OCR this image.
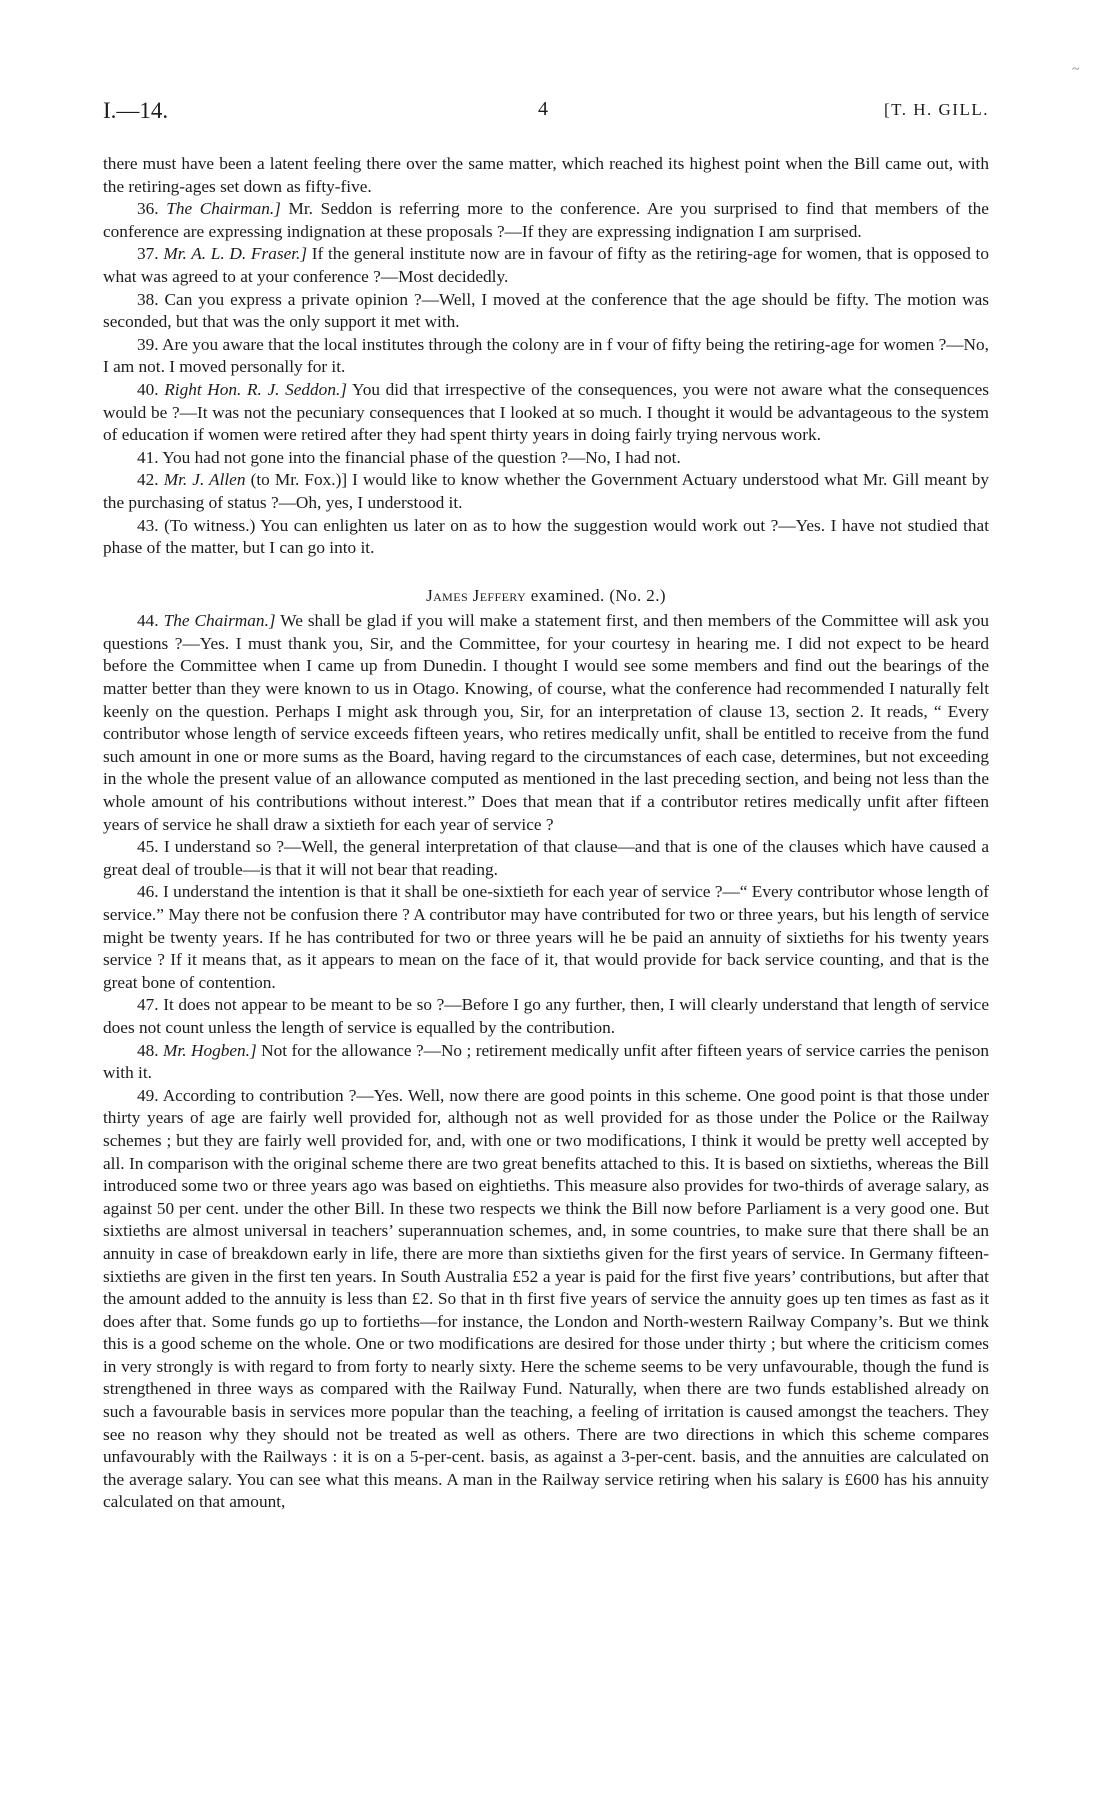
~
I.—14.	4	[T. H. GILL.

there must have been a latent feeling there over the same matter, which reached its highest point when the Bill came out, with the retiring-ages set down as fifty-five.

36. The Chairman.] Mr. Seddon is referring more to the conference. Are you surprised to find that members of the conference are expressing indignation at these proposals ?—If they are expressing indignation I am surprised.

37. Mr. A. L. D. Fraser.] If the general institute now are in favour of fifty as the retiring-age for women, that is opposed to what was agreed to at your conference ?—Most decidedly.

38. Can you express a private opinion ?—Well, I moved at the conference that the age should be fifty. The motion was seconded, but that was the only support it met with.

39. Are you aware that the local institutes through the colony are in f vour of fifty being the retiring-age for women ?—No, I am not. I moved personally for it.

40. Right Hon. R. J. Seddon.] You did that irrespective of the consequences, you were not aware what the consequences would be ?—It was not the pecuniary consequences that I looked at so much. I thought it would be advantageous to the system of education if women were retired after they had spent thirty years in doing fairly trying nervous work.

41. You had not gone into the financial phase of the question ?—No, I had not.

42. Mr. J. Allen (to Mr. Fox.)] I would like to know whether the Government Actuary understood what Mr. Gill meant by the purchasing of status ?—Oh, yes, I understood it.

43. (To witness.) You can enlighten us later on as to how the suggestion would work out ?—Yes. I have not studied that phase of the matter, but I can go into it.

James Jeffery examined. (No. 2.)

44. The Chairman.] We shall be glad if you will make a statement first, and then members of the Committee will ask you questions ?—Yes. I must thank you, Sir, and the Committee, for your courtesy in hearing me. I did not expect to be heard before the Committee when I came up from Dunedin. I thought I would see some members and find out the bearings of the matter better than they were known to us in Otago. Knowing, of course, what the conference had recommended I naturally felt keenly on the question. Perhaps I might ask through you, Sir, for an interpretation of clause 13, section 2. It reads, “ Every contributor whose length of service exceeds fifteen years, who retires medically unfit, shall be entitled to receive from the fund such amount in one or more sums as the Board, having regard to the circumstances of each case, determines, but not exceeding in the whole the present value of an allowance computed as mentioned in the last preceding section, and being not less than the whole amount of his contributions without interest.” Does that mean that if a contributor retires medically unfit after fifteen years of service he shall draw a sixtieth for each year of service ?

45. I understand so ?—Well, the general interpretation of that clause—and that is one of the clauses which have caused a great deal of trouble—is that it will not bear that reading.

46. I understand the intention is that it shall be one-sixtieth for each year of service ?—“ Every contributor whose length of service.” May there not be confusion there ? A contributor may have contributed for two or three years, but his length of service might be twenty years. If he has contributed for two or three years will he be paid an annuity of sixtieths for his twenty years service ? If it means that, as it appears to mean on the face of it, that would provide for back service counting, and that is the great bone of contention.

47. It does not appear to be meant to be so ?—Before I go any further, then, I will clearly understand that length of service does not count unless the length of service is equalled by the contribution.

48. Mr. Hogben.] Not for the allowance ?—No ; retirement medically unfit after fifteen years of service carries the penison with it.

49. According to contribution ?—Yes. Well, now there are good points in this scheme. One good point is that those under thirty years of age are fairly well provided for, although not as well provided for as those under the Police or the Railway schemes ; but they are fairly well provided for, and, with one or two modifications, I think it would be pretty well accepted by all. In comparison with the original scheme there are two great benefits attached to this. It is based on sixtieths, whereas the Bill introduced some two or three years ago was based on eightieths. This measure also provides for two-thirds of average salary, as against 50 per cent. under the other Bill. In these two respects we think the Bill now before Parliament is a very good one. But sixtieths are almost universal in teachers’ superannuation schemes, and, in some countries, to make sure that there shall be an annuity in case of breakdown early in life, there are more than sixtieths given for the first years of service. In Germany fifteen-sixtieths are given in the first ten years. In South Australia £52 a year is paid for the first five years’ contributions, but after that the amount added to the annuity is less than £2. So that in th first five years of service the annuity goes up ten times as fast as it does after that. Some funds go up to fortieths—for instance, the London and North-western Railway Company’s. But we think this is a good scheme on the whole. One or two modifications are desired for those under thirty ; but where the criticism comes in very strongly is with regard to from forty to nearly sixty. Here the scheme seems to be very unfavourable, though the fund is strengthened in three ways as compared with the Railway Fund. Naturally, when there are two funds established already on such a favourable basis in services more popular than the teaching, a feeling of irritation is caused amongst the teachers. They see no reason why they should not be treated as well as others. There are two directions in which this scheme compares unfavourably with the Railways : it is on a 5-per-cent. basis, as against a 3-per-cent. basis, and the annuities are calculated on the average salary. You can see what this means. A man in the Railway service retiring when his salary is £600 has his annuity calculated on that amount,
